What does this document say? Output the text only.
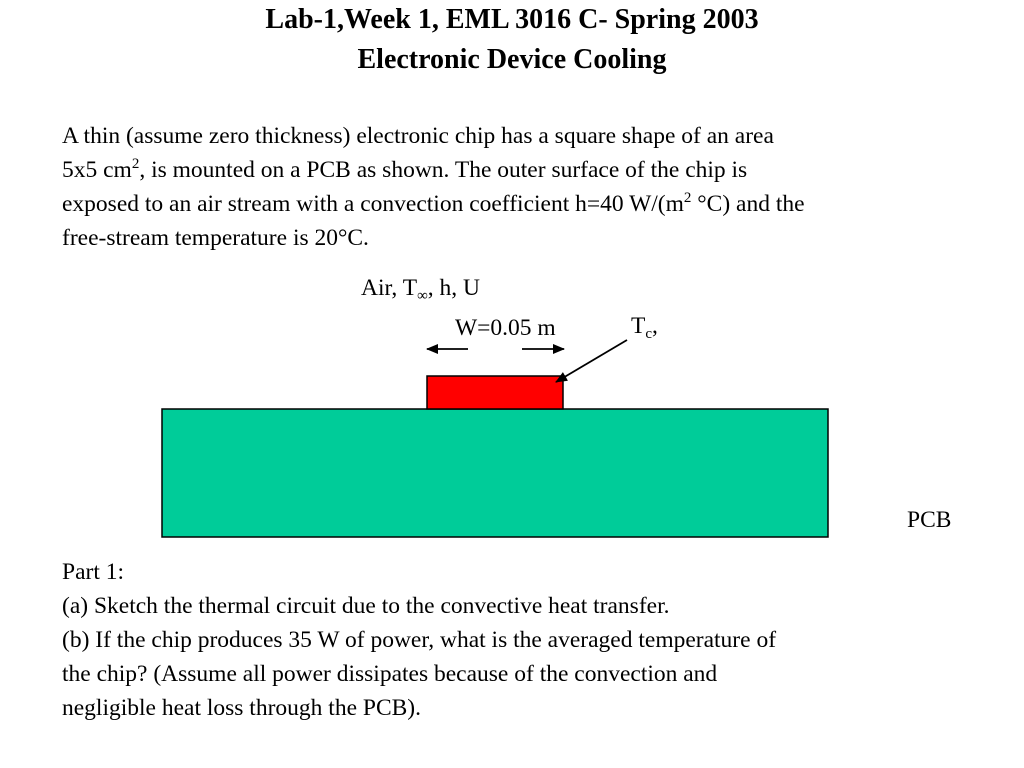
Lab-1,Week 1, EML 3016 C- Spring 2003
Electronic Device Cooling
A thin (assume zero thickness) electronic chip has a square shape of an area
5x5 $cm^2$, is mounted on a PCB as shown. The outer surface of the chip is
exposed to an air stream with a convection coefficient h=40 $W/(m^2$ °C) and the
free-stream temperature is 20°C.
Air, $T_\infty$, h, U
W=0.05 m	$T_c$,
PCB
Part 1:
(a) Sketch the thermal circuit due to the convective heat transfer.
(b) If the chip produces 35 W of power, what is the averaged temperature of
the chip? (Assume all power dissipates because of the convection and
negligible heat loss through the PCB).
